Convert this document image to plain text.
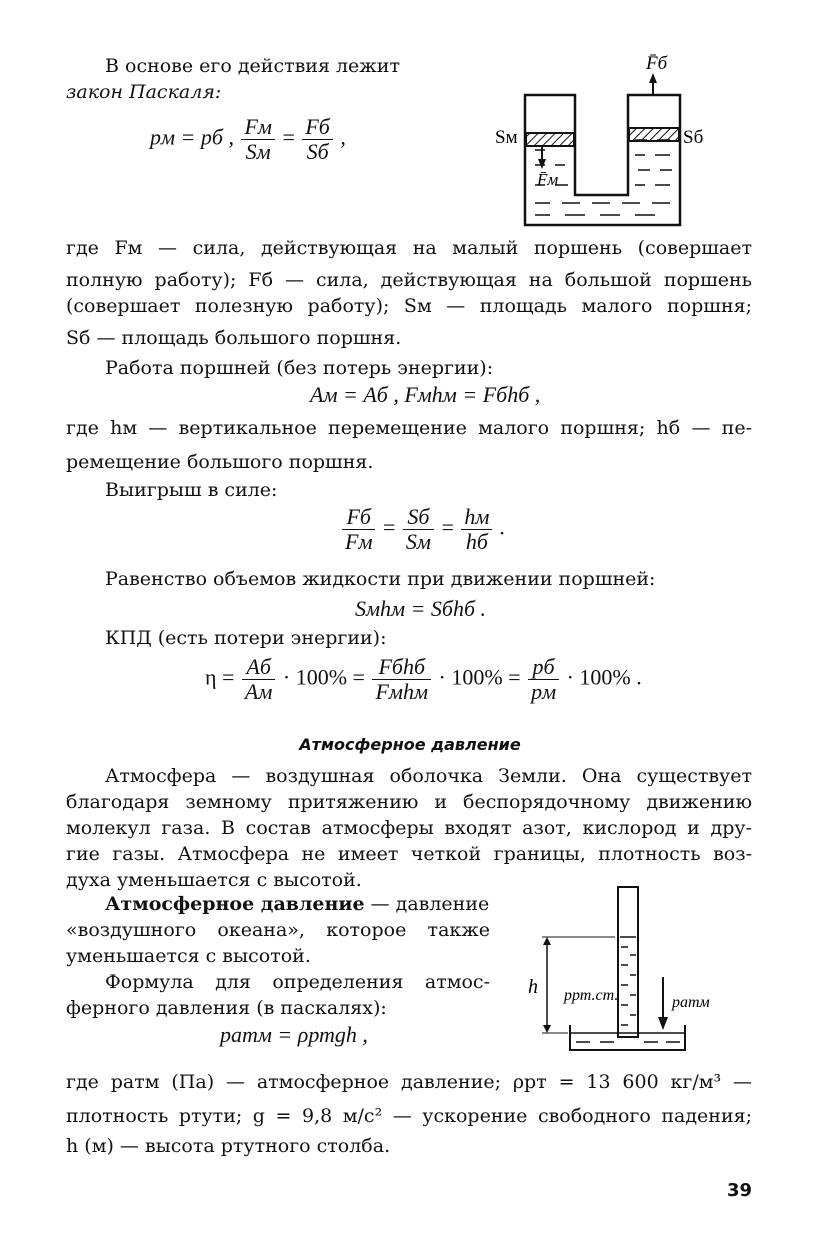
В основе его действия лежит
закон Паскаля:
pм = pб , $\frac{Fм}{Sм} = \frac{Fб}{Sб}$ ,
F̄б
Sм	Sб
F̄м
где Fм — сила, действующая на малый поршень (совершает
полную работу); Fб — сила, действующая на большой поршень
(совершает полезную работу); Sм — площадь малого поршня;
Sб — площадь большого поршня.
Работа поршней (без потерь энергии):
Aм = Aб , Fмhм = Fбhб ,
где hм — вертикальное перемещение малого поршня; hб — пе-
ремещение большого поршня.
Выигрыш в силе:
$\frac{Fб}{Fм} = \frac{Sб}{Sм} = \frac{hм}{hб}$ .
Равенство объемов жидкости при движении поршней:
Sмhм = Sбhб .
КПД (есть потери энергии):
$\eta = \frac{Aб}{Aм} \cdot 100\% = \frac{\text{Fбhб}}{\text{Fмhм}} \cdot 100\% = \frac{pб}{pм} \cdot 100\%$ .
Атмосферное давление
Атмосфера — воздушная оболочка Земли. Она существует
благодаря земному притяжению и беспорядочному движению
молекул газа. В состав атмосферы входят азот, кислород и дру-
гие газы. Атмосфера не имеет четкой границы, плотность воз-
духа уменьшается с высотой.
Атмосферное давление — давление
«воздушного океана», которое также
уменьшается с высотой.
Формула для определения атмос-
ферного давления (в паскалях):
pатм = ρртgh ,
h pрт.ст.	pатм
где pатм (Па) — атмосферное давление; ρрт = 13 600 кг/м³ —
плотность ртути; g = 9,8 м/с² — ускорение свободного падения;
h (м) — высота ртутного столба.
39
